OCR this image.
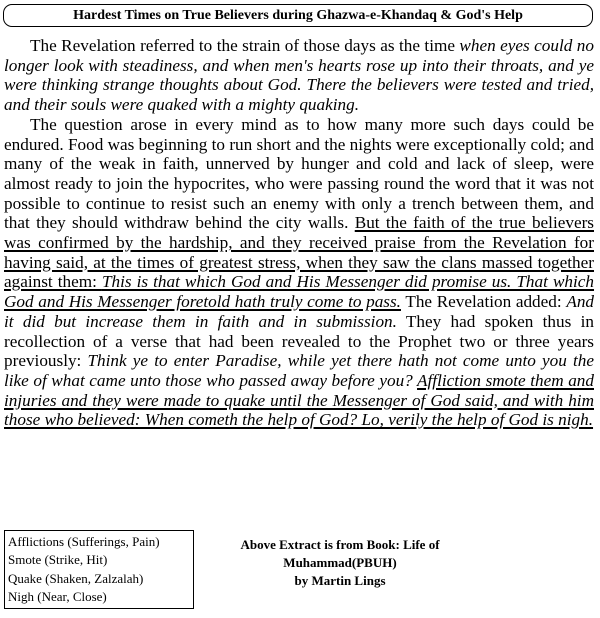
Hardest Times on True Believers during Ghazwa-e-Khandaq & God's Help

The Revelation referred to the strain of those days as the time when eyes could no longer look with steadiness, and when men's hearts rose up into their throats, and ye were thinking strange thoughts about God. There the believers were tested and tried, and their souls were quaked with a mighty quaking.

The question arose in every mind as to how many more such days could be endured. Food was beginning to run short and the nights were exceptionally cold; and many of the weak in faith, unnerved by hunger and cold and lack of sleep, were almost ready to join the hypocrites, who were passing round the word that it was not possible to continue to resist such an enemy with only a trench between them, and that they should withdraw behind the city walls. But the faith of the true believers was confirmed by the hardship, and they received praise from the Revelation for having said, at the times of greatest stress, when they saw the clans massed together against them: This is that which God and His Messenger did promise us. That which God and His Messenger foretold hath truly come to pass. The Revelation added: And it did but increase them in faith and in submission. They had spoken thus in recollection of a verse that had been revealed to the Prophet two or three years previously: Think ye to enter Paradise, while yet there hath not come unto you the like of what came unto those who passed away before you? Affliction smote them and injuries and they were made to quake until the Messenger of God said, and with him those who believed: When cometh the help of God? Lo, verily the help of God is nigh.

Afflictions (Sufferings, Pain)
Smote (Strike, Hit)
Quake (Shaken, Zalzalah)
Nigh (Near, Close)
Above Extract is from Book: Life of Muhammad(PBUH)
by Martin Lings
